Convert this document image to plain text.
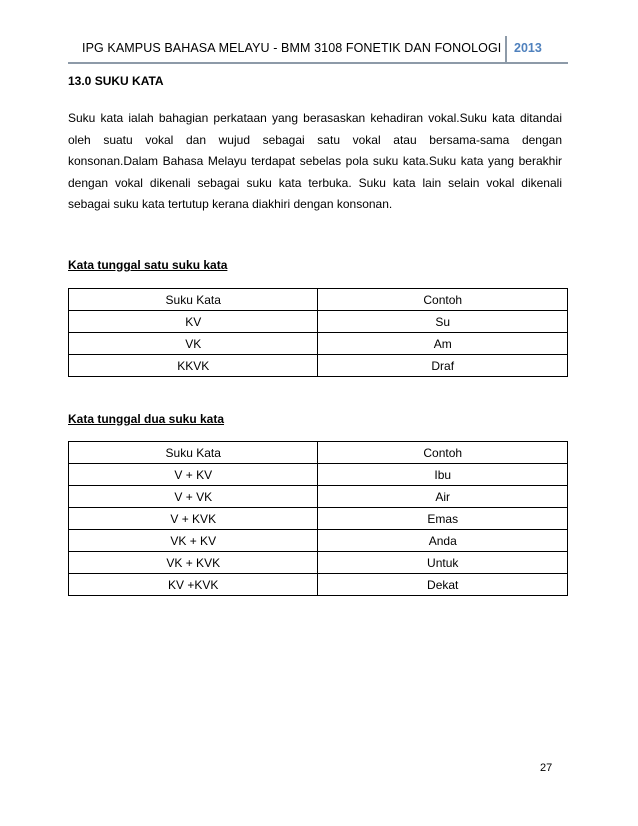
IPG KAMPUS BAHASA MELAYU - BMM 3108 FONETIK DAN FONOLOGI 2013
13.0 SUKU KATA
Suku kata ialah bahagian perkataan yang berasaskan kehadiran vokal.Suku kata ditandai oleh suatu vokal dan wujud sebagai satu vokal atau bersama-sama dengan konsonan.Dalam Bahasa Melayu terdapat sebelas pola suku kata.Suku kata yang berakhir dengan vokal dikenali sebagai suku kata terbuka. Suku kata lain selain vokal dikenali sebagai suku kata tertutup kerana diakhiri dengan konsonan.
Kata tunggal satu suku kata
Suku Kata	Contoh
KV	Su
VK	Am
KKVK	Draf
Kata tunggal dua suku kata
Suku Kata	Contoh
V + KV	Ibu
V + VK	Air
V + KVK	Emas
VK + KV	Anda
VK + KVK	Untuk
KV +KVK	Dekat
27
